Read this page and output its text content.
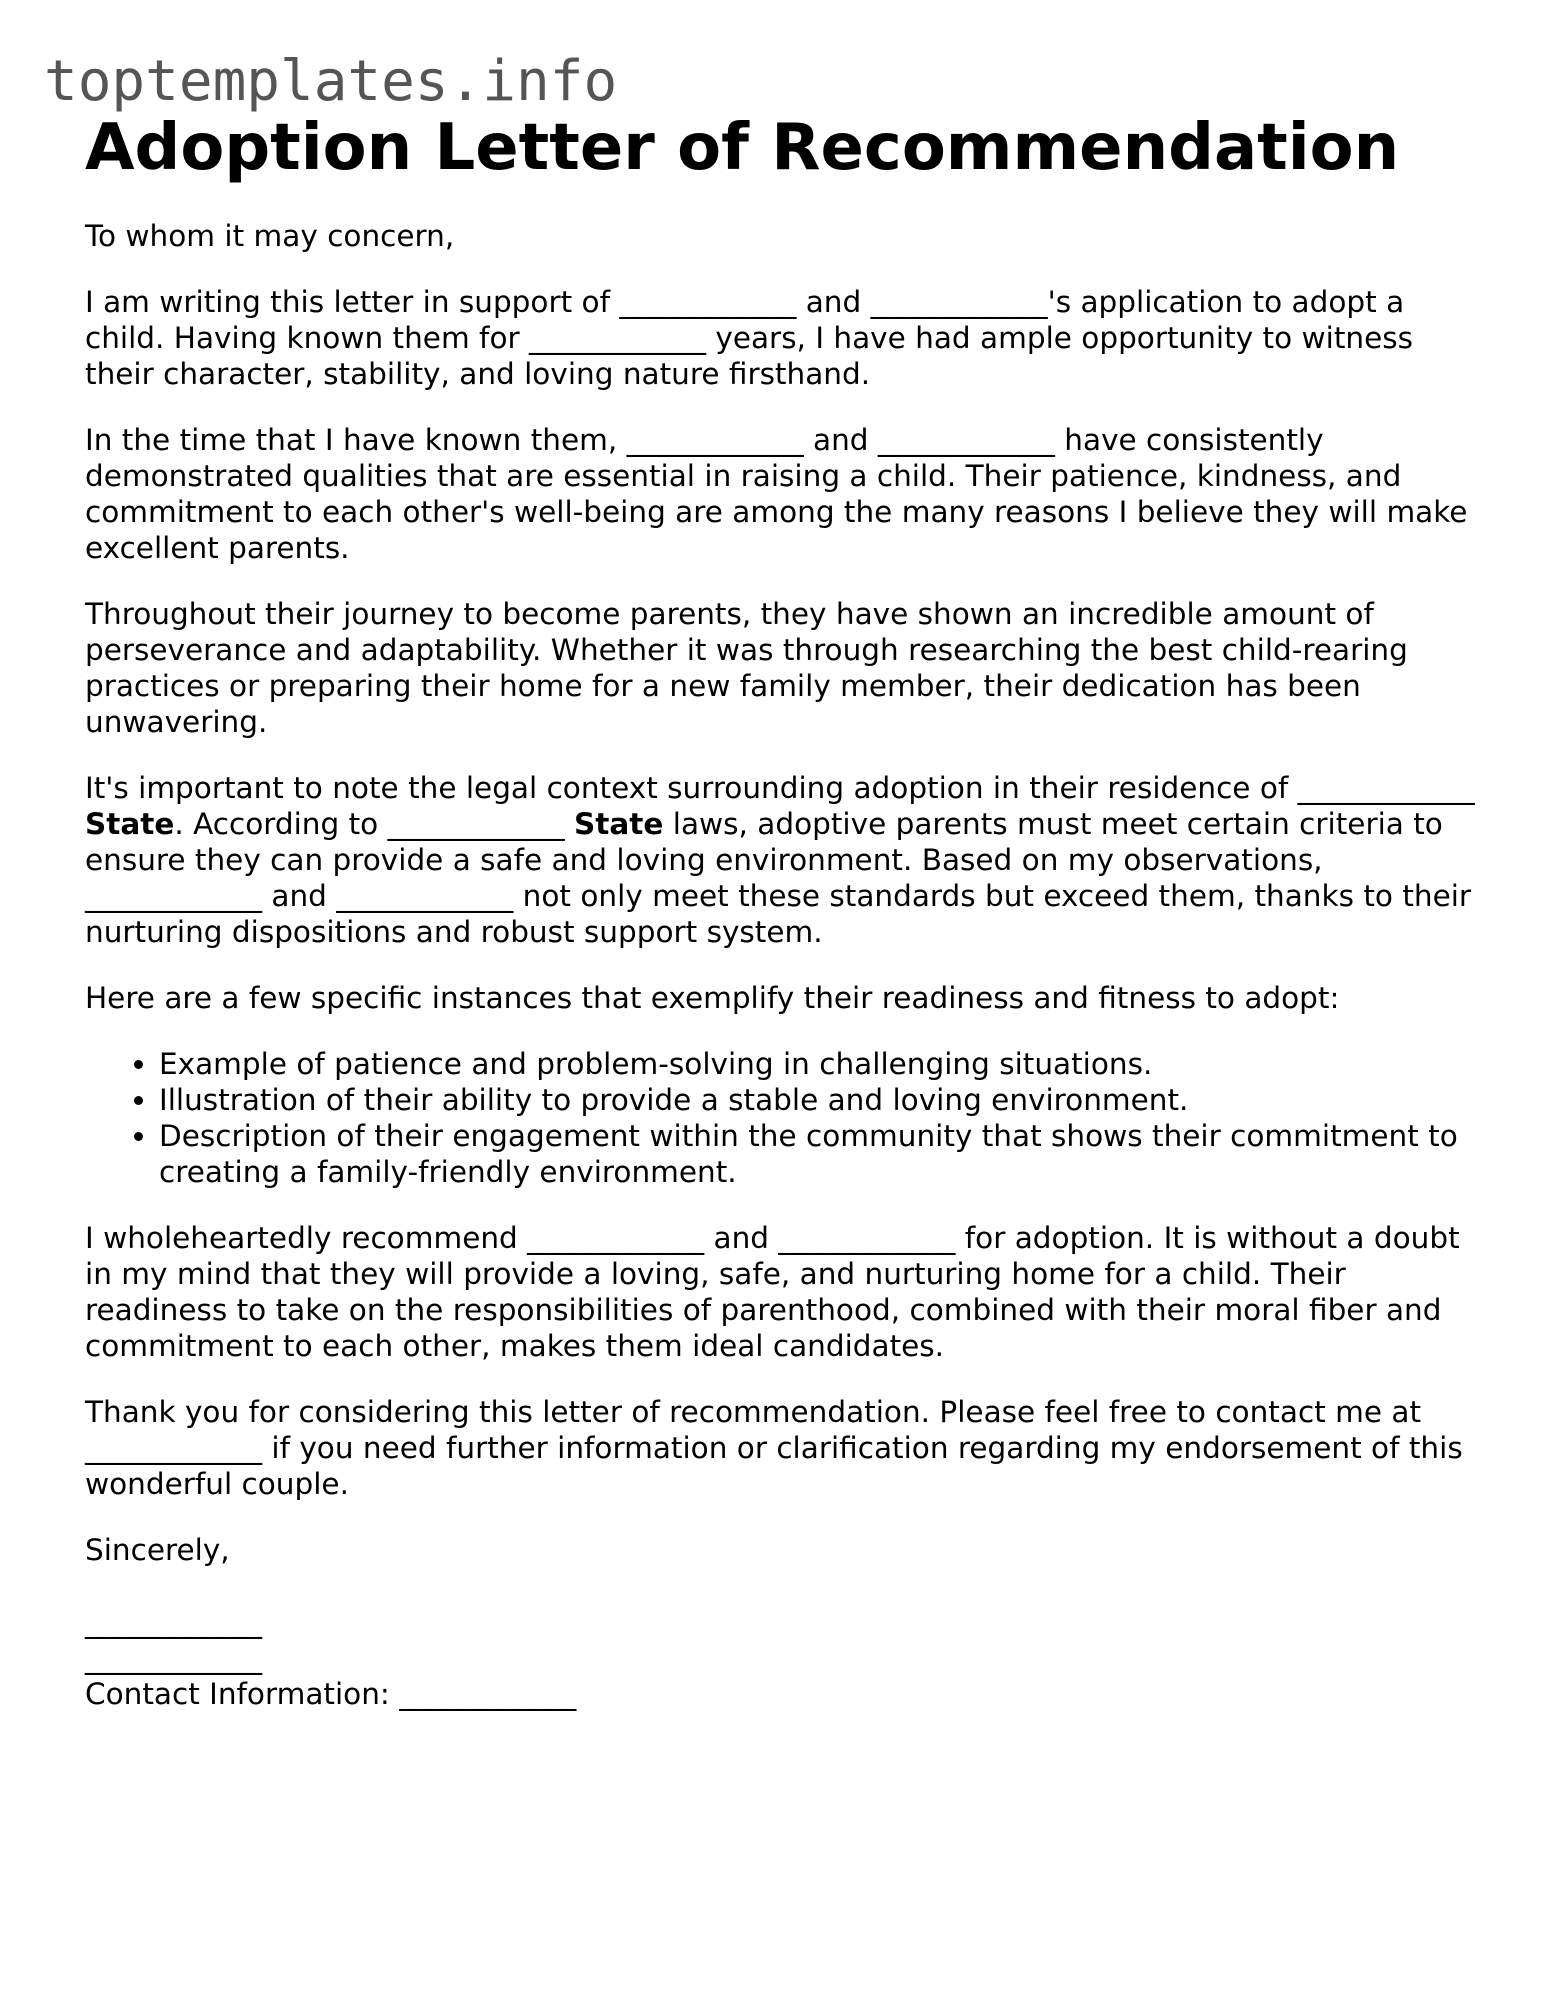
toptemplates.info
Adoption Letter of Recommendation

To whom it may concern,

I am writing this letter in support of ____________ and ____________'s application to adopt a child. Having known them for ____________ years, I have had ample opportunity to witness their character, stability, and loving nature firsthand.

In the time that I have known them, ____________ and ____________ have consistently demonstrated qualities that are essential in raising a child. Their patience, kindness, and commitment to each other's well-being are among the many reasons I believe they will make excellent parents.

Throughout their journey to become parents, they have shown an incredible amount of perseverance and adaptability. Whether it was through researching the best child-rearing practices or preparing their home for a new family member, their dedication has been unwavering.

It's important to note the legal context surrounding adoption in their residence of ____________ State. According to ____________ State laws, adoptive parents must meet certain criteria to ensure they can provide a safe and loving environment. Based on my observations, ____________ and ____________ not only meet these standards but exceed them, thanks to their nurturing dispositions and robust support system.

Here are a few specific instances that exemplify their readiness and fitness to adopt:

• Example of patience and problem-solving in challenging situations.
• Illustration of their ability to provide a stable and loving environment.
• Description of their engagement within the community that shows their commitment to creating a family-friendly environment.

I wholeheartedly recommend ____________ and ____________ for adoption. It is without a doubt in my mind that they will provide a loving, safe, and nurturing home for a child. Their readiness to take on the responsibilities of parenthood, combined with their moral fiber and commitment to each other, makes them ideal candidates.

Thank you for considering this letter of recommendation. Please feel free to contact me at ____________ if you need further information or clarification regarding my endorsement of this wonderful couple.

Sincerely,

____________

____________

Contact Information: ____________
